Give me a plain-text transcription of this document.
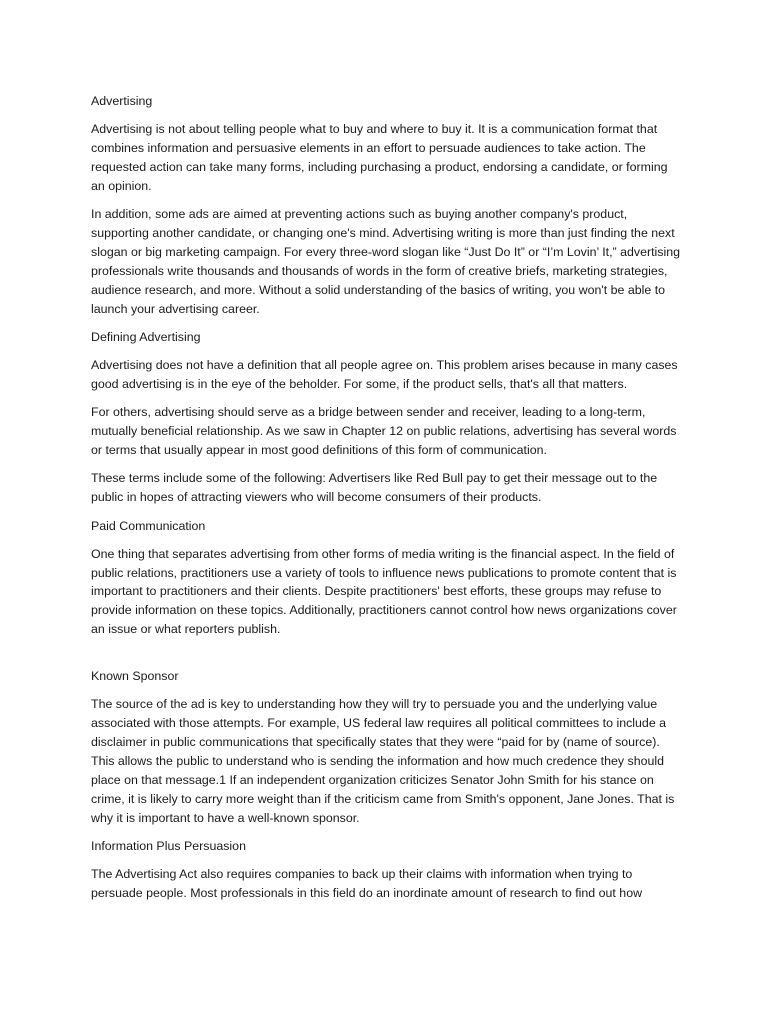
Advertising

Advertising is not about telling people what to buy and where to buy it. It is a communication format that combines information and persuasive elements in an effort to persuade audiences to take action. The requested action can take many forms, including purchasing a product, endorsing a candidate, or forming an opinion.

In addition, some ads are aimed at preventing actions such as buying another company's product, supporting another candidate, or changing one's mind. Advertising writing is more than just finding the next slogan or big marketing campaign. For every three-word slogan like “Just Do It” or “I’m Lovin’ It,” advertising professionals write thousands and thousands of words in the form of creative briefs, marketing strategies, audience research, and more. Without a solid understanding of the basics of writing, you won't be able to launch your advertising career.

Defining Advertising

Advertising does not have a definition that all people agree on. This problem arises because in many cases good advertising is in the eye of the beholder. For some, if the product sells, that's all that matters.

For others, advertising should serve as a bridge between sender and receiver, leading to a long-term, mutually beneficial relationship. As we saw in Chapter 12 on public relations, advertising has several words or terms that usually appear in most good definitions of this form of communication.

These terms include some of the following: Advertisers like Red Bull pay to get their message out to the public in hopes of attracting viewers who will become consumers of their products.

Paid Communication

One thing that separates advertising from other forms of media writing is the financial aspect. In the field of public relations, practitioners use a variety of tools to influence news publications to promote content that is important to practitioners and their clients. Despite practitioners' best efforts, these groups may refuse to provide information on these topics. Additionally, practitioners cannot control how news organizations cover an issue or what reporters publish.

Known Sponsor

The source of the ad is key to understanding how they will try to persuade you and the underlying value associated with those attempts. For example, US federal law requires all political committees to include a disclaimer in public communications that specifically states that they were “paid for by (name of source). This allows the public to understand who is sending the information and how much credence they should place on that message.1 If an independent organization criticizes Senator John Smith for his stance on crime, it is likely to carry more weight than if the criticism came from Smith's opponent, Jane Jones. That is why it is important to have a well-known sponsor.

Information Plus Persuasion

The Advertising Act also requires companies to back up their claims with information when trying to persuade people. Most professionals in this field do an inordinate amount of research to find out how
